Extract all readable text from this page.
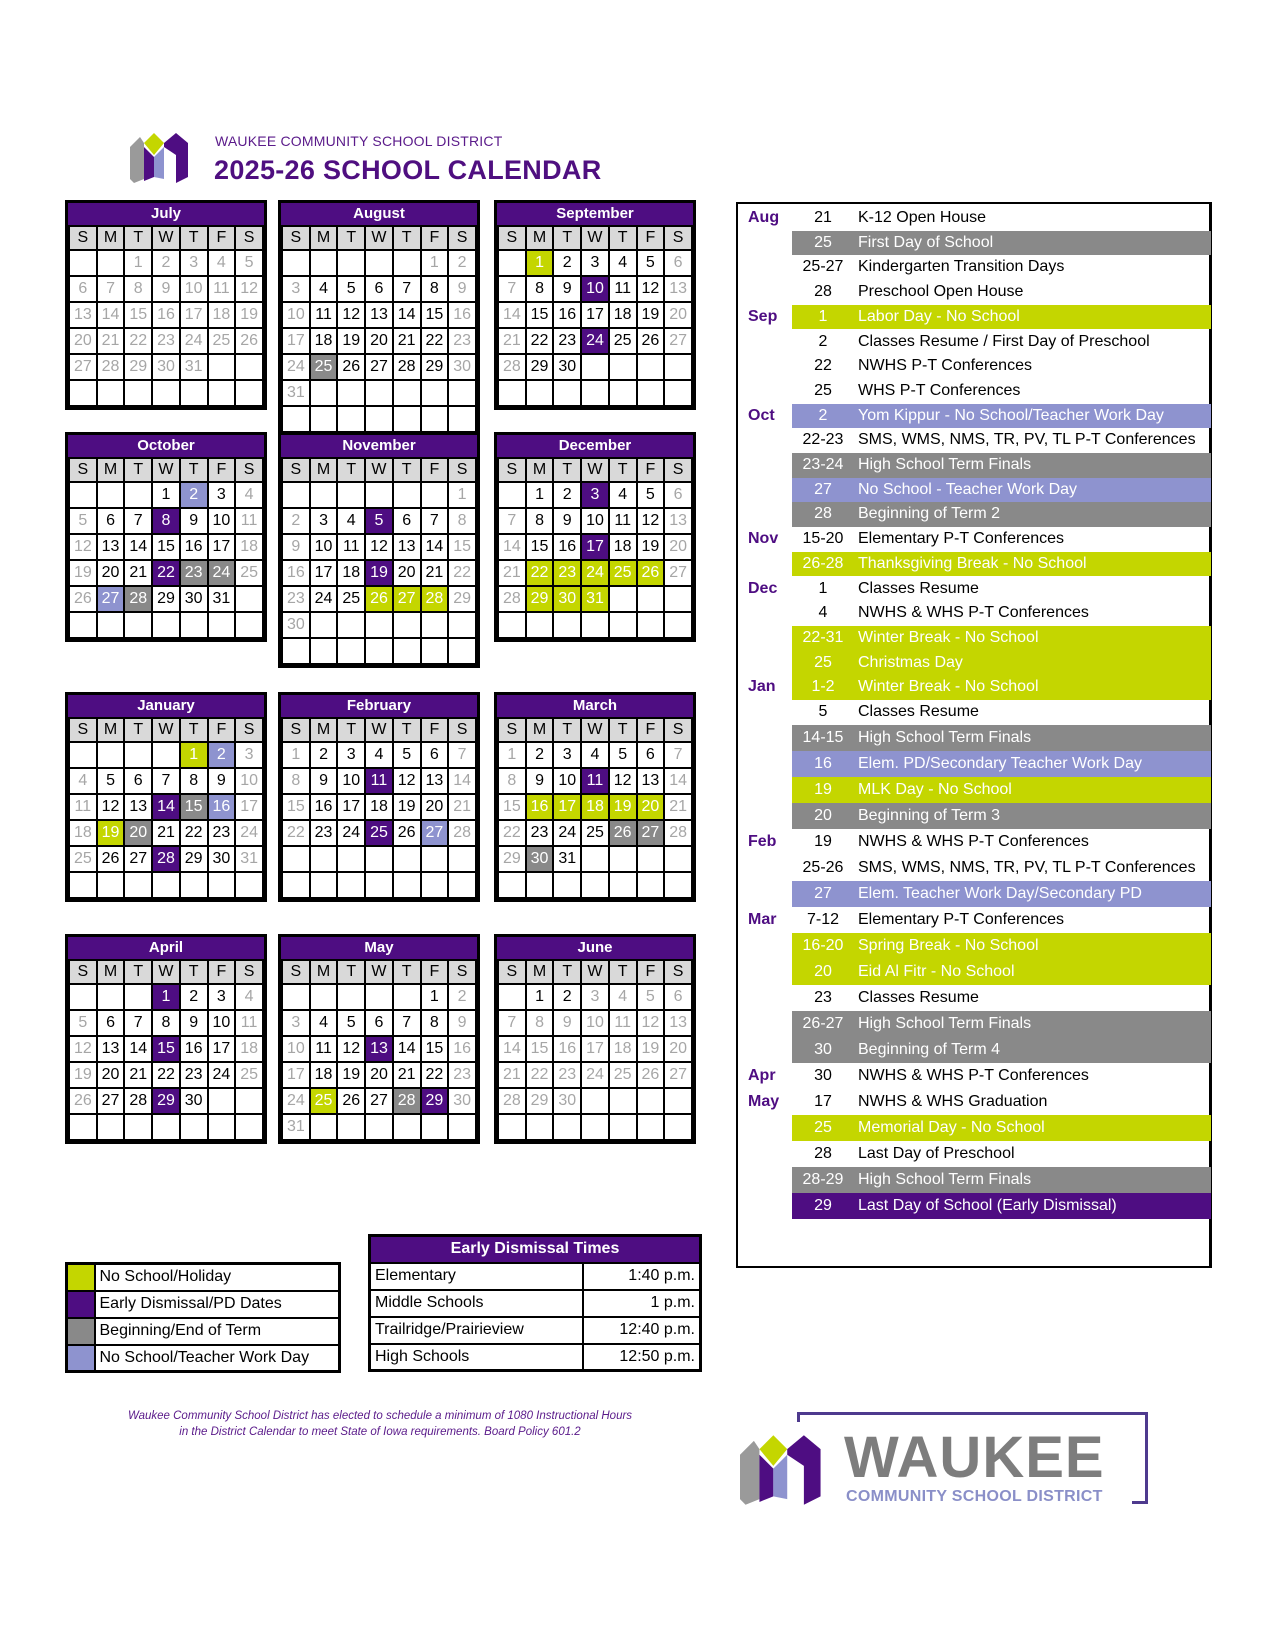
WAUKEE COMMUNITY SCHOOL DISTRICT
2025-26 SCHOOL CALENDAR
July
S	M	T	W	T	F	S
		1	2	3	4	5
6	7	8	9	10	11	12
13	14	15	16	17	18	19
20	21	22	23	24	25	26
27	28	29	30	31		

August
S	M	T	W	T	F	S
					1	2
3	4	5	6	7	8	9
10	11	12	13	14	15	16
17	18	19	20	21	22	23
24	25	26	27	28	29	30
31						

September
S	M	T	W	T	F	S
	1	2	3	4	5	6
7	8	9	10	11	12	13
14	15	16	17	18	19	20
21	22	23	24	25	26	27
28	29	30				

October
S	M	T	W	T	F	S
			1	2	3	4
5	6	7	8	9	10	11
12	13	14	15	16	17	18
19	20	21	22	23	24	25
26	27	28	29	30	31	

November
S	M	T	W	T	F	S
						1
2	3	4	5	6	7	8
9	10	11	12	13	14	15
16	17	18	19	20	21	22
23	24	25	26	27	28	29
30						

December
S	M	T	W	T	F	S
	1	2	3	4	5	6
7	8	9	10	11	12	13
14	15	16	17	18	19	20
21	22	23	24	25	26	27
28	29	30	31			

January
S	M	T	W	T	F	S
				1	2	3
4	5	6	7	8	9	10
11	12	13	14	15	16	17
18	19	20	21	22	23	24
25	26	27	28	29	30	31

February
S	M	T	W	T	F	S
1	2	3	4	5	6	7
8	9	10	11	12	13	14
15	16	17	18	19	20	21
22	23	24	25	26	27	28

March
S	M	T	W	T	F	S
1	2	3	4	5	6	7
8	9	10	11	12	13	14
15	16	17	18	19	20	21
22	23	24	25	26	27	28
29	30	31				

April
S	M	T	W	T	F	S
			1	2	3	4
5	6	7	8	9	10	11
12	13	14	15	16	17	18
19	20	21	22	23	24	25
26	27	28	29	30		

May
S	M	T	W	T	F	S
					1	2
3	4	5	6	7	8	9
10	11	12	13	14	15	16
17	18	19	20	21	22	23
24	25	26	27	28	29	30
31						
June
S	M	T	W	T	F	S
	1	2	3	4	5	6
7	8	9	10	11	12	13
14	15	16	17	18	19	20
21	22	23	24	25	26	27
28	29	30				

Aug	21	K-12 Open House
25	First Day of School
25-27 Kindergarten Transition Days
28	Preschool Open House
Sep	1	Labor Day - No School
2	Classes Resume / First Day of Preschool
22	NWHS P-T Conferences
25	WHS P-T Conferences
Oct	2	Yom Kippur - No School/Teacher Work Day
22-23 SMS, WMS, NMS, TR, PV, TL P-T Conferences
23-24 High School Term Finals
27	No School - Teacher Work Day
28	Beginning of Term 2
Nov	15-20 Elementary P-T Conferences
26-28 Thanksgiving Break - No School
Dec	1	Classes Resume
4	NWHS & WHS P-T Conferences
22-31 Winter Break - No School
25	Christmas Day
Jan	1-2	Winter Break - No School
5	Classes Resume
14-15 High School Term Finals
16	Elem. PD/Secondary Teacher Work Day
19	MLK Day - No School
20	Beginning of Term 3
Feb	19	NWHS & WHS P-T Conferences
25-26 SMS, WMS, NMS, TR, PV, TL P-T Conferences
27	Elem. Teacher Work Day/Secondary PD
Mar	7-12	Elementary P-T Conferences
16-20 Spring Break - No School
20	Eid Al Fitr - No School
23	Classes Resume
26-27 High School Term Finals
30	Beginning of Term 4
Apr	30	NWHS & WHS P-T Conferences
May	17	NWHS & WHS Graduation
25	Memorial Day - No School
28	Last Day of Preschool
28-29 High School Term Finals
29	Last Day of School (Early Dismissal)
	No School/Holiday
	Early Dismissal/PD Dates
	Beginning/End of Term
	No School/Teacher Work Day
Early Dismissal Times	
Elementary	1:40 p.m.
Middle Schools	1 p.m.
Trailridge/Prairieview	12:40 p.m.
High Schools	12:50 p.m.
Waukee Community School District has elected to schedule a minimum of 1080 Instructional Hours
in the District Calendar to meet State of Iowa requirements. Board Policy 601.2	WAUKEE
COMMUNITY SCHOOL DISTRICT
